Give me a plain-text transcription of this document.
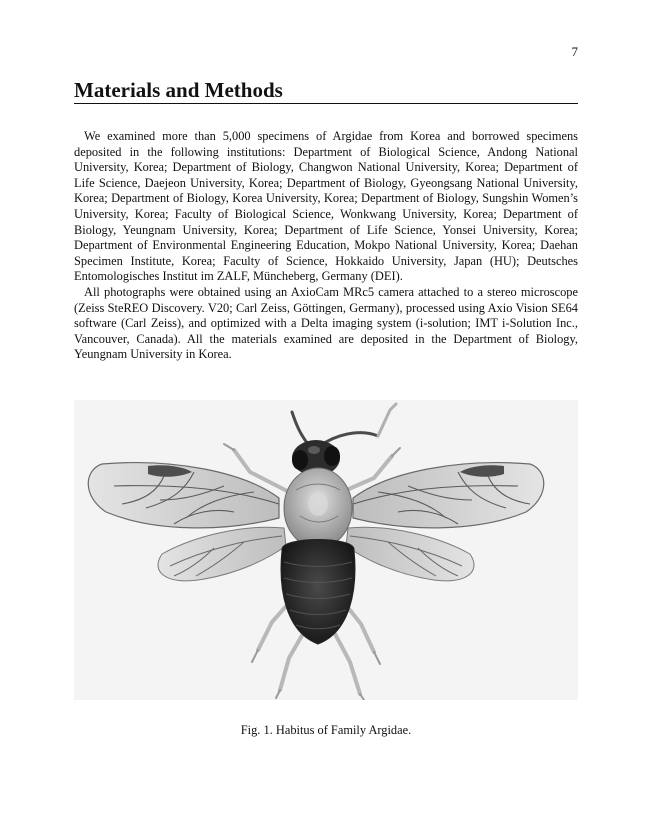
7
Materials and Methods

We examined more than 5,000 specimens of Argidae from Korea and borrowed specimens deposited in the following institutions: Department of Biological Science, Andong National University, Korea; Department of Biology, Changwon National University, Korea; Department of Life Science, Daejeon University, Korea; Department of Biology, Gyeongsang National University, Korea; Department of Biology, Korea University, Korea; Department of Biology, Sungshin Women’s University, Korea; Faculty of Biological Science, Wonkwang University, Korea; Department of Biology, Yeungnam University, Korea; Department of Life Science, Yonsei University, Korea; Department of Environmental Engineering Education, Mokpo National University, Korea; Daehan Specimen Institute, Korea; Faculty of Science, Hokkaido University, Japan (HU); Deutsches Entomologisches Institut im ZALF, Müncheberg, Germany (DEI).

All photographs were obtained using an AxioCam MRc5 camera attached to a stereo microscope (Zeiss SteREO Discovery. V20; Carl Zeiss, Göttingen, Germany), processed using Axio Vision SE64 software (Carl Zeiss), and optimized with a Delta imaging system (i-solution; IMT i-Solution Inc., Vancouver, Canada). All the materials examined are deposited in the Department of Biology, Yeungnam University in Korea.

Fig. 1. Habitus of Family Argidae.
